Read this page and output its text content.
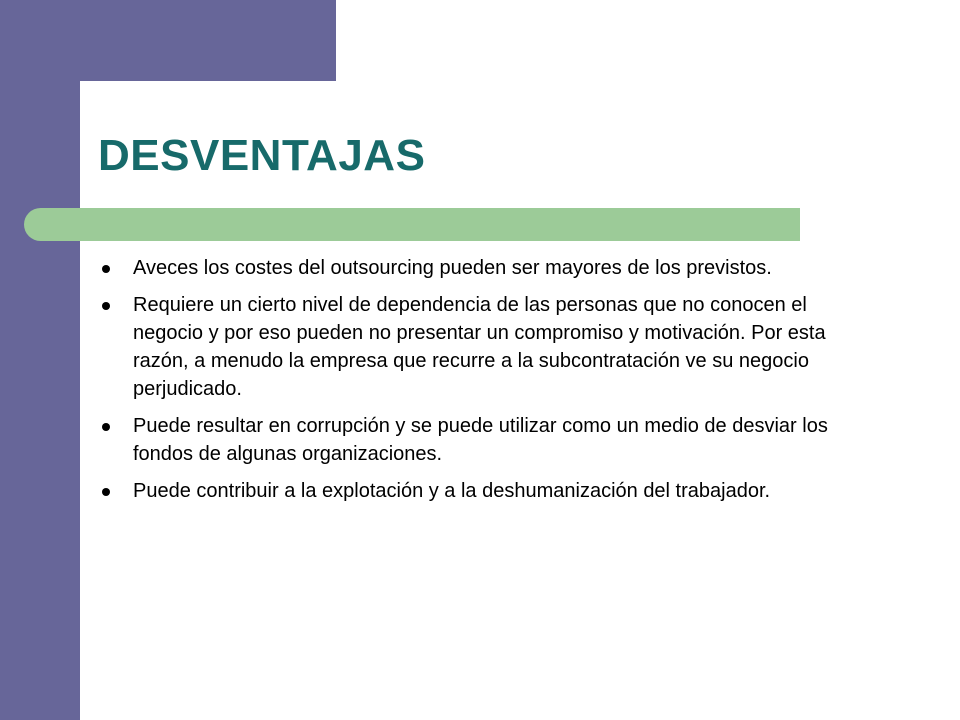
DESVENTAJAS
Aveces los costes del outsourcing pueden ser mayores de los previstos.
Requiere un cierto nivel de dependencia de las personas que no conocen el negocio y por eso pueden no presentar un compromiso y motivación. Por esta razón, a menudo la empresa que recurre a la subcontratación ve su negocio perjudicado.
Puede resultar en corrupción y se puede utilizar como un medio de desviar los fondos de algunas organizaciones.
Puede contribuir a la explotación y a la deshumanización del trabajador.
